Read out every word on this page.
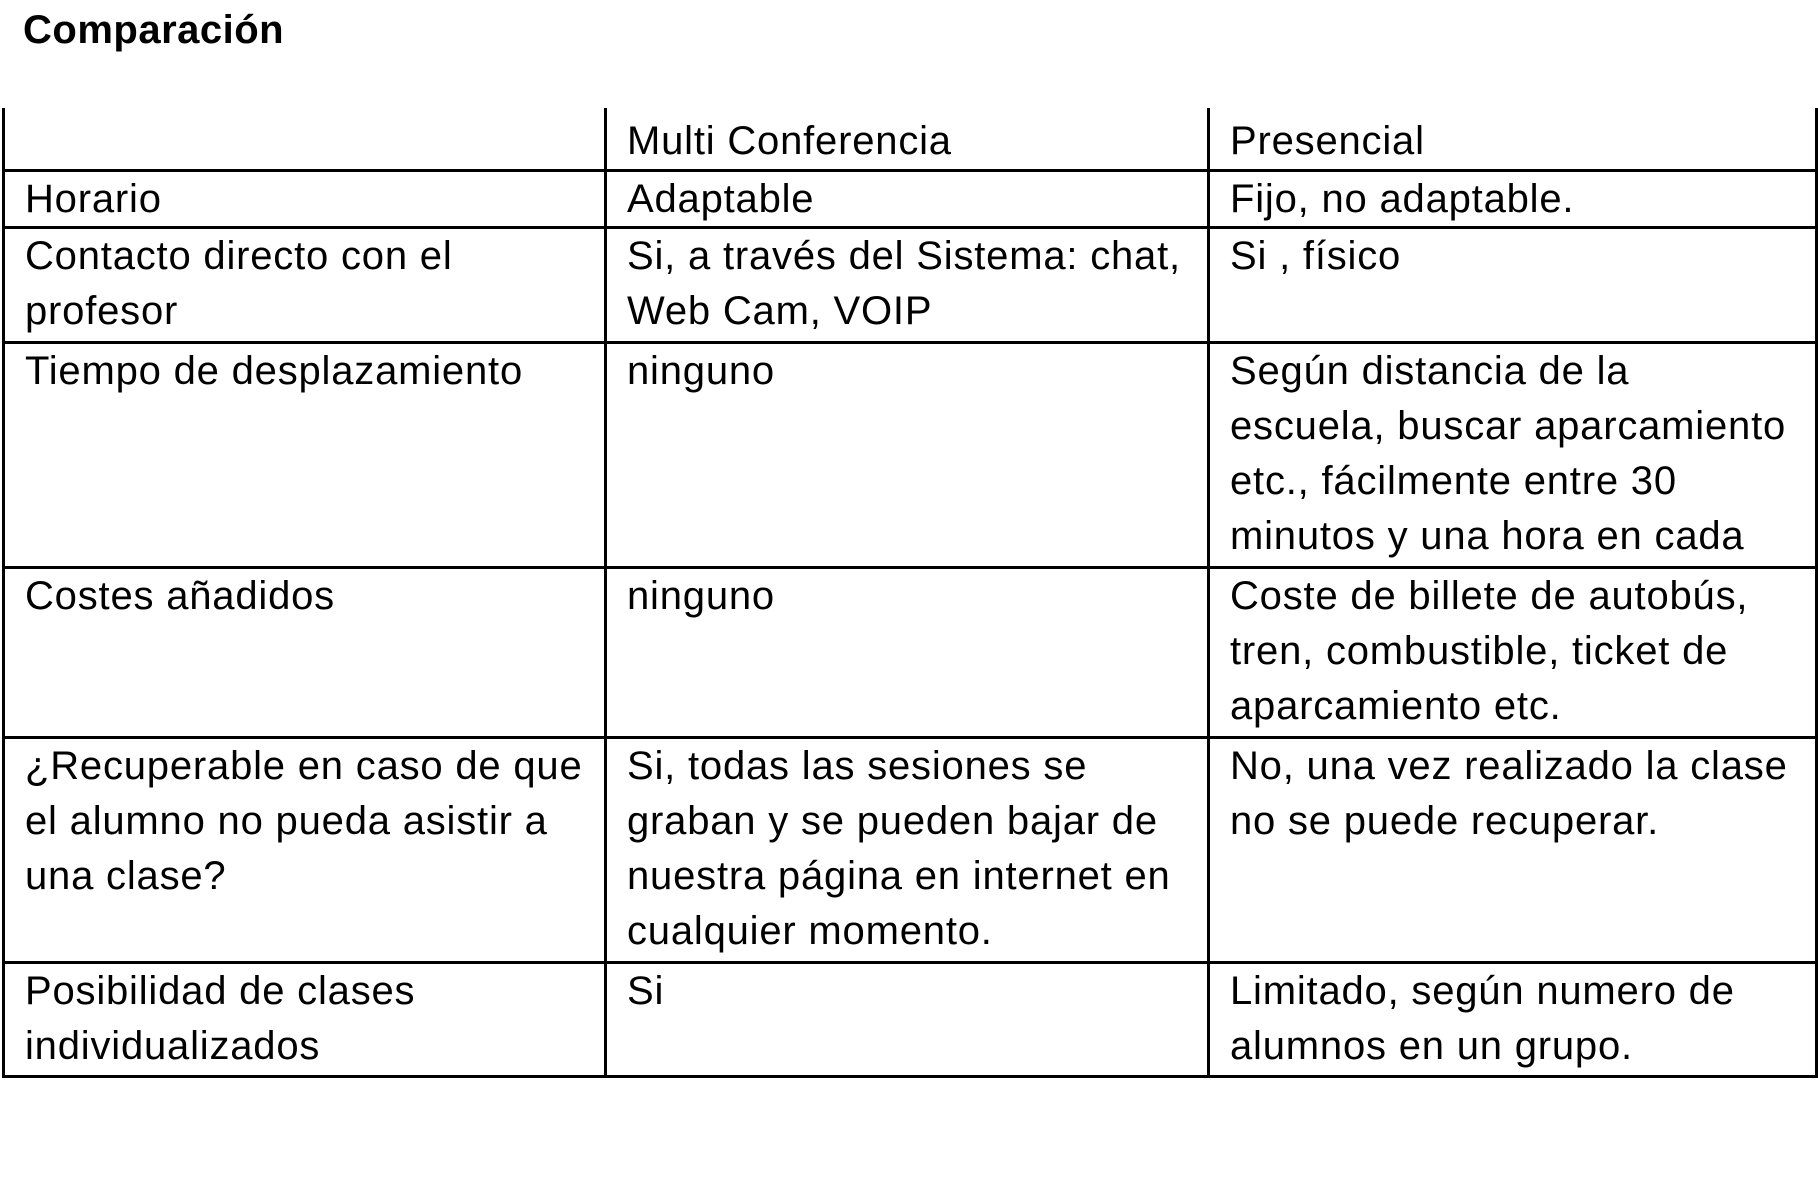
Comparación
	Multi Conferencia	Presencial

Horario	Adaptable	Fijo, no adaptable.

Contacto directo con el profesor	Si, a través del Sistema: chat, Web Cam, VOIP	Si , físico

Tiempo de desplazamiento	ninguno	Según distancia de la escuela, buscar aparcamiento etc., fácilmente entre 30 minutos y una hora en cada

Costes añadidos	ninguno	Coste de billete de autobús, tren, combustible, ticket de aparcamiento etc.

¿Recuperable en caso de que el alumno no pueda asistir a una clase?	Si, todas las sesiones se graban y se pueden bajar de nuestra página en internet en cualquier momento.	No, una vez realizado la clase no se puede recuperar.

Posibilidad de clases individualizados	Si	Limitado, según numero de alumnos en un grupo.
